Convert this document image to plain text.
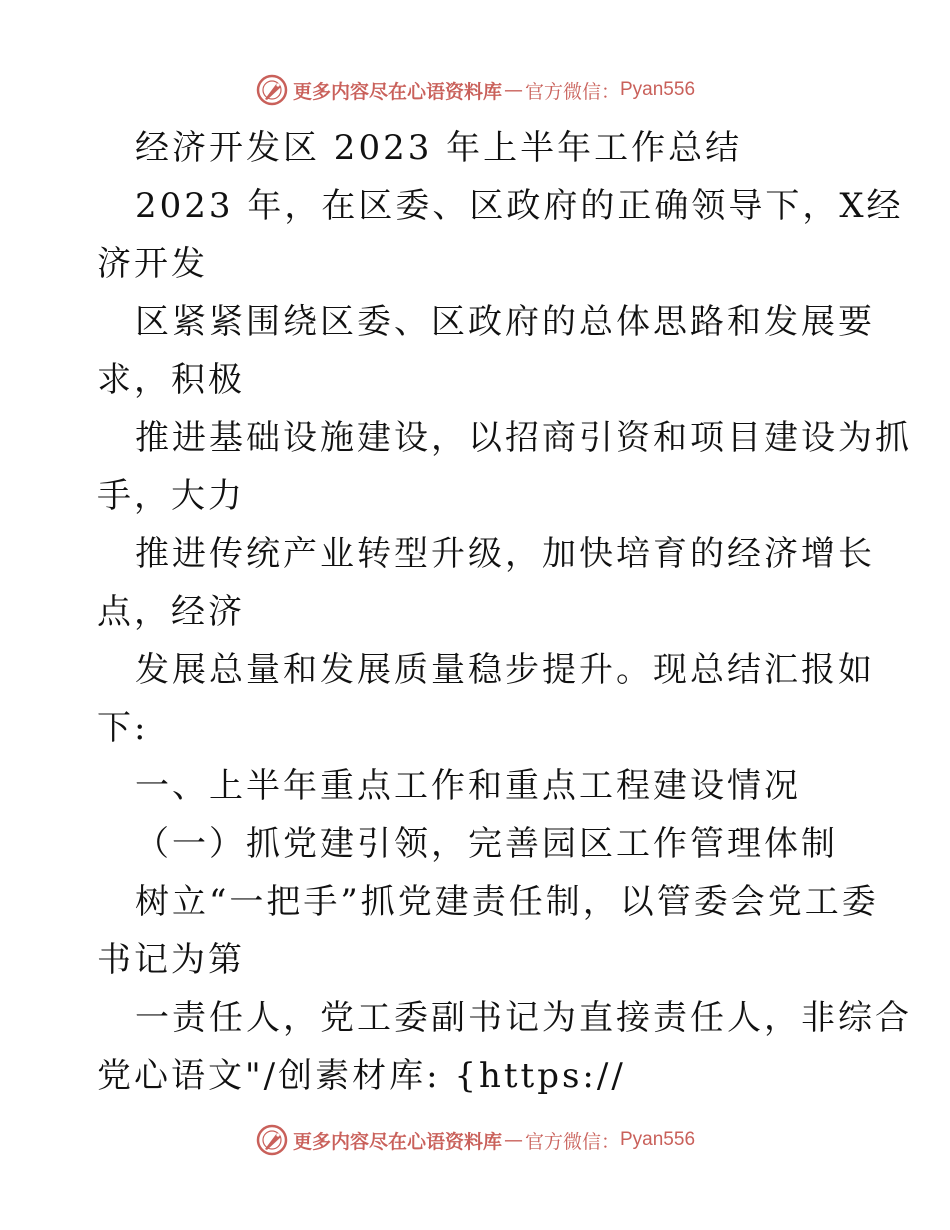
更多内容尽在心语资料库 — 官方微信： Pyan556
经济开发区 2023 年上半年工作总结
2023 年，在区委、区政府的正确领导下，X经
济开发
区紧紧围绕区委、区政府的总体思路和发展要
求，积极
推进基础设施建设，以招商引资和项目建设为抓
手，大力
推进传统产业转型升级，加快培育的经济增长
点，经济
发展总量和发展质量稳步提升。现总结汇报如
下:
一、上半年重点工作和重点工程建设情况
（一）抓党建引领，完善园区工作管理体制
树立“一把手”抓党建责任制，以管委会党工委
书记为第
一责任人，党工委副书记为直接责任人，非综合
党心语文"/创素材库: {https://
更多内容尽在心语资料库 — 官方微信： Pyan556
